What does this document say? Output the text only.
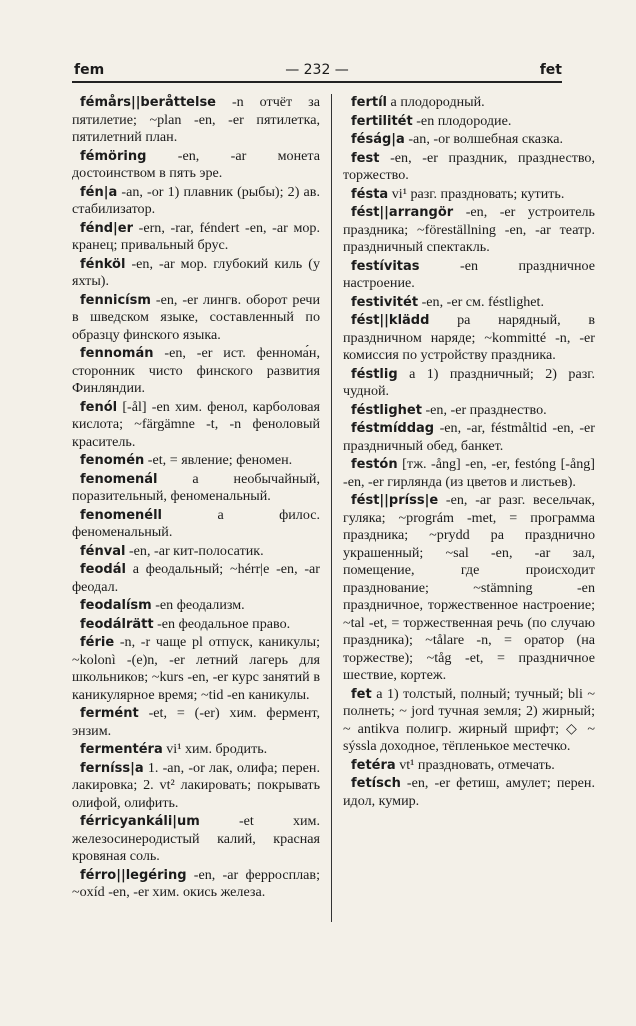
fem	— 232 —	fet

fémårs||beråttelse -n отчёт за пятилетие; ~plan -en, -er пятилетка, пятилетний план.

fémöring -en, -ar монета достоинством в пять эре.

fén|a -an, -or 1) плавник (рыбы); 2) ав. стабилизатор.

fénd|er -ern, -rar, féndert -en, -ar мор. кранец; привальный брус.

fénköl -en, -ar мор. глубокий киль (у яхты).

fennicísm -en, -er лингв. оборот речи в шведском языке, составленный по образцу финского языка.

fennomán -en, -er ист. феннома́н, сторонник чисто финского развития Финляндии.

fenól [-ål] -en хим. фенол, карболовая кислота; ~färgämne -t, -n феноловый краситель.

fenomén -et, = явление; феномен.

fenomenál a необычайный, поразительный, феноменальный.

fenomenéll a филос. феноменальный.

fénval -en, -ar кит-полосатик.

feodál a феодальный; ~hérr|e -en, -ar феодал.

feodalísm -en феодализм.

feodálrätt -en феодальное право.

férie -n, -r чаще pl отпуск, каникулы; ~kolonì -(e)n, -er летний лагерь для школьников; ~kurs -en, -er курс занятий в каникулярное время; ~tid -en каникулы.

fermént -et, = (-er) хим. фермент, энзим.

fermentéra vi¹ хим. бродить.

ferníss|a 1. -an, -or лак, олифа; перен. лакировка; 2. vt² лакировать; покрывать олифой, олифить.

férricyankáli|um -et хим. железосинеродистый калий, красная кровяная соль.

férro||legéring -en, -ar ферросплав; ~oxíd -en, -er хим. окись железа.

fertíl a плодородный.

fertilitét -en плодородие.

féság|a -an, -or волшебная сказка.

fest -en, -er праздник, празднество, торжество.

fésta vi¹ разг. праздновать; кутить.

fést||arrangör -en, -er устроитель праздника; ~föreställning -en, -ar театр. праздничный спектакль.

festívitas -en праздничное настроение.

festivitét -en, -er см. féstlighet.

fést||klädd pa нарядный, в праздничном наряде; ~kommitté -n, -er комиссия по устройству праздника.

féstlig a 1) праздничный; 2) разг. чудной.

féstlighet -en, -er празднество.

féstmíddag -en, -ar, féstmåltid -en, -er праздничный обед, банкет.

festón [тж. -ång] -en, -er, festóng [-ång] -en, -er гирлянда (из цветов и листьев).

fést||príss|e -en, -ar разг. весельчак, гуляка; ~prográm -met, = программа праздника; ~prydd pa празднично украшенный; ~sal -en, -ar зал, помещение, где происходит празднование; ~stämning -en праздничное, торжественное настроение; ~tal -et, = торжественная речь (по случаю праздника); ~tålare -n, = оратор (на торжестве); ~tåg -et, = праздничное шествие, кортеж.

fet a 1) толстый, полный; тучный; bli ~ полнеть; ~ jord тучная земля; 2) жирный; ~ antikva полигр. жирный шрифт; ◇ ~ sýssla доходное, тёпленькое местечко.

fetéra vt¹ праздновать, отмечать.

fetísch -en, -er фетиш, амулет; перен. идол, кумир.
